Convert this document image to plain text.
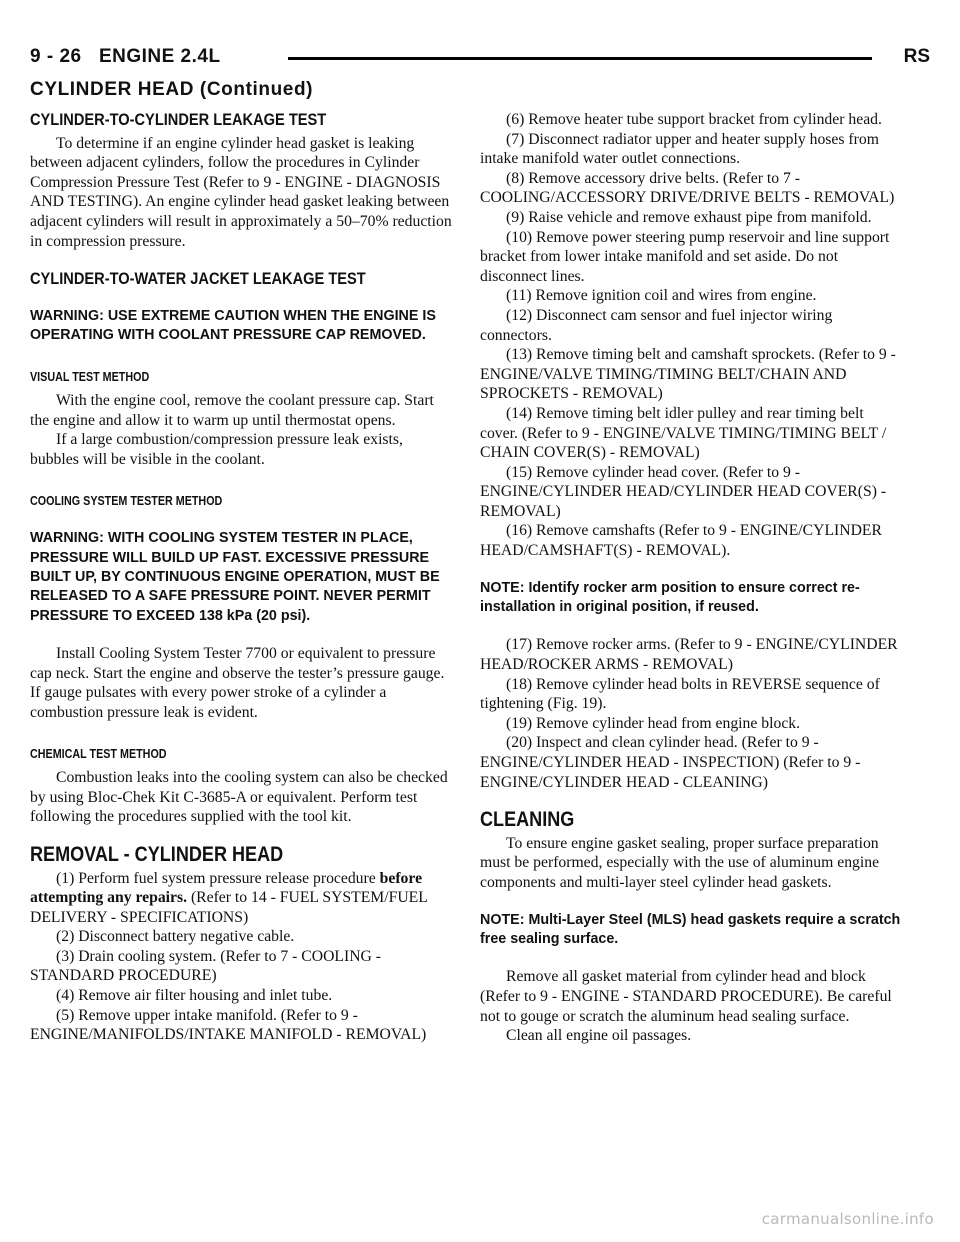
9 - 26 ENGINE 2.4L	RS
CYLINDER HEAD (Continued)

CYLINDER-TO-CYLINDER LEAKAGE TEST

To determine if an engine cylinder head gasket is leaking between adjacent cylinders, follow the procedures in Cylinder Compression Pressure Test (Refer to 9 - ENGINE - DIAGNOSIS AND TESTING). An engine cylinder head gasket leaking between adjacent cylinders will result in approximately a 50–70% reduction in compression pressure.

CYLINDER-TO-WATER JACKET LEAKAGE TEST

WARNING: USE EXTREME CAUTION WHEN THE ENGINE IS OPERATING WITH COOLANT PRESSURE CAP REMOVED.

VISUAL TEST METHOD

With the engine cool, remove the coolant pressure cap. Start the engine and allow it to warm up until thermostat opens.

If a large combustion/compression pressure leak exists, bubbles will be visible in the coolant.

COOLING SYSTEM TESTER METHOD

WARNING: WITH COOLING SYSTEM TESTER IN PLACE, PRESSURE WILL BUILD UP FAST. EXCESSIVE PRESSURE BUILT UP, BY CONTINUOUS ENGINE OPERATION, MUST BE RELEASED TO A SAFE PRESSURE POINT. NEVER PERMIT PRESSURE TO EXCEED 138 kPa (20 psi).

Install Cooling System Tester 7700 or equivalent to pressure cap neck. Start the engine and observe the tester’s pressure gauge. If gauge pulsates with every power stroke of a cylinder a combustion pressure leak is evident.

CHEMICAL TEST METHOD

Combustion leaks into the cooling system can also be checked by using Bloc-Chek Kit C-3685-A or equivalent. Perform test following the procedures supplied with the tool kit.

REMOVAL - CYLINDER HEAD

(1) Perform fuel system pressure release procedure before attempting any repairs. (Refer to 14 - FUEL SYSTEM/FUEL DELIVERY - SPECIFICATIONS)

(2) Disconnect battery negative cable.

(3) Drain cooling system. (Refer to 7 - COOLING - STANDARD PROCEDURE)

(4) Remove air filter housing and inlet tube.

(5) Remove upper intake manifold. (Refer to 9 - ENGINE/MANIFOLDS/INTAKE MANIFOLD - REMOVAL)

(6) Remove heater tube support bracket from cylinder head.

(7) Disconnect radiator upper and heater supply hoses from intake manifold water outlet connections.

(8) Remove accessory drive belts. (Refer to 7 - COOLING/ACCESSORY DRIVE/DRIVE BELTS - REMOVAL)

(9) Raise vehicle and remove exhaust pipe from manifold.

(10) Remove power steering pump reservoir and line support bracket from lower intake manifold and set aside. Do not disconnect lines.

(11) Remove ignition coil and wires from engine.

(12) Disconnect cam sensor and fuel injector wiring connectors.

(13) Remove timing belt and camshaft sprockets. (Refer to 9 - ENGINE/VALVE TIMING/TIMING BELT/CHAIN AND SPROCKETS - REMOVAL)

(14) Remove timing belt idler pulley and rear timing belt cover. (Refer to 9 - ENGINE/VALVE TIMING/TIMING BELT / CHAIN COVER(S) - REMOVAL)

(15) Remove cylinder head cover. (Refer to 9 - ENGINE/CYLINDER HEAD/CYLINDER HEAD COVER(S) - REMOVAL)

(16) Remove camshafts (Refer to 9 - ENGINE/CYLINDER HEAD/CAMSHAFT(S) - REMOVAL).

NOTE: Identify rocker arm position to ensure correct re-installation in original position, if reused.

(17) Remove rocker arms. (Refer to 9 - ENGINE/CYLINDER HEAD/ROCKER ARMS - REMOVAL)

(18) Remove cylinder head bolts in REVERSE sequence of tightening (Fig. 19).

(19) Remove cylinder head from engine block.

(20) Inspect and clean cylinder head. (Refer to 9 - ENGINE/CYLINDER HEAD - INSPECTION) (Refer to 9 - ENGINE/CYLINDER HEAD - CLEANING)

CLEANING

To ensure engine gasket sealing, proper surface preparation must be performed, especially with the use of aluminum engine components and multi-layer steel cylinder head gaskets.

NOTE: Multi-Layer Steel (MLS) head gaskets require a scratch free sealing surface.

Remove all gasket material from cylinder head and block (Refer to 9 - ENGINE - STANDARD PROCEDURE). Be careful not to gouge or scratch the aluminum head sealing surface.

Clean all engine oil passages.

carmanualsonline.info
